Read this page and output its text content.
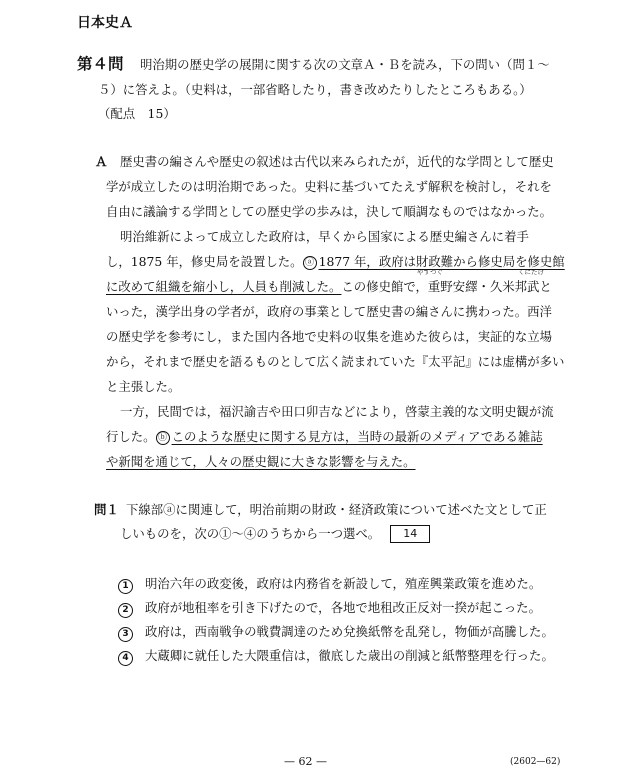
日本史Ａ
第４問 明治期の歴史学の展開に関する次の文章Ａ・Ｂを読み，下の問い（問１～
５）に答えよ。（史料は，一部省略したり，書き改めたりしたところもある。）
（配点　15）
Ａ 歴史書の編さんや歴史の叙述は古代以来みられたが，近代的な学問として歴史
学が成立したのは明治期であった。史料に基づいてたえず解釈を検討し，それを
自由に議論する学問としての歴史学の歩みは，決して順調なものではなかった。
明治維新によって成立した政府は，早くから国家による歴史編さんに着手
し，1875 年，修史局を設置した。 ⓐ 1877 年，政府は財政難から修史局を修史館
に改めて組織を縮小し，人員も削減した。この修史館で，重野安繹・久米邦武と
やすつぐ	くにたけ
いった，漢学出身の学者が，政府の事業として歴史書の編さんに携わった。西洋
の歴史学を参考にし，また国内各地で史料の収集を進めた彼らは，実証的な立場
から，それまで歴史を語るものとして広く読まれていた『太平記』には虚構が多い
と主張した。
一方，民間では，福沢諭吉や田口卯吉などにより，啓蒙主義的な文明史観が流
行した。 ⓑ このような歴史に関する見方は，当時の最新のメディアである雑誌
や新聞を通じて，人々の歴史観に大きな影響を与えた。
問１ 下線部ⓐに関連して，明治前期の財政・経済政策について述べた文として正
しいものを，次の①～④のうちから一つ選べ。 14
1 明治六年の政変後，政府は内務省を新設して，殖産興業政策を進めた。
2 政府が地租率を引き下げたので，各地で地租改正反対一揆が起こった。
3 政府は，西南戦争の戦費調達のため兌換紙幣を乱発し，物価が高騰した。
4 大蔵卿に就任した大隈重信は，徹底した歳出の削減と紙幣整理を行った。
— 62 —	(2602—62)
